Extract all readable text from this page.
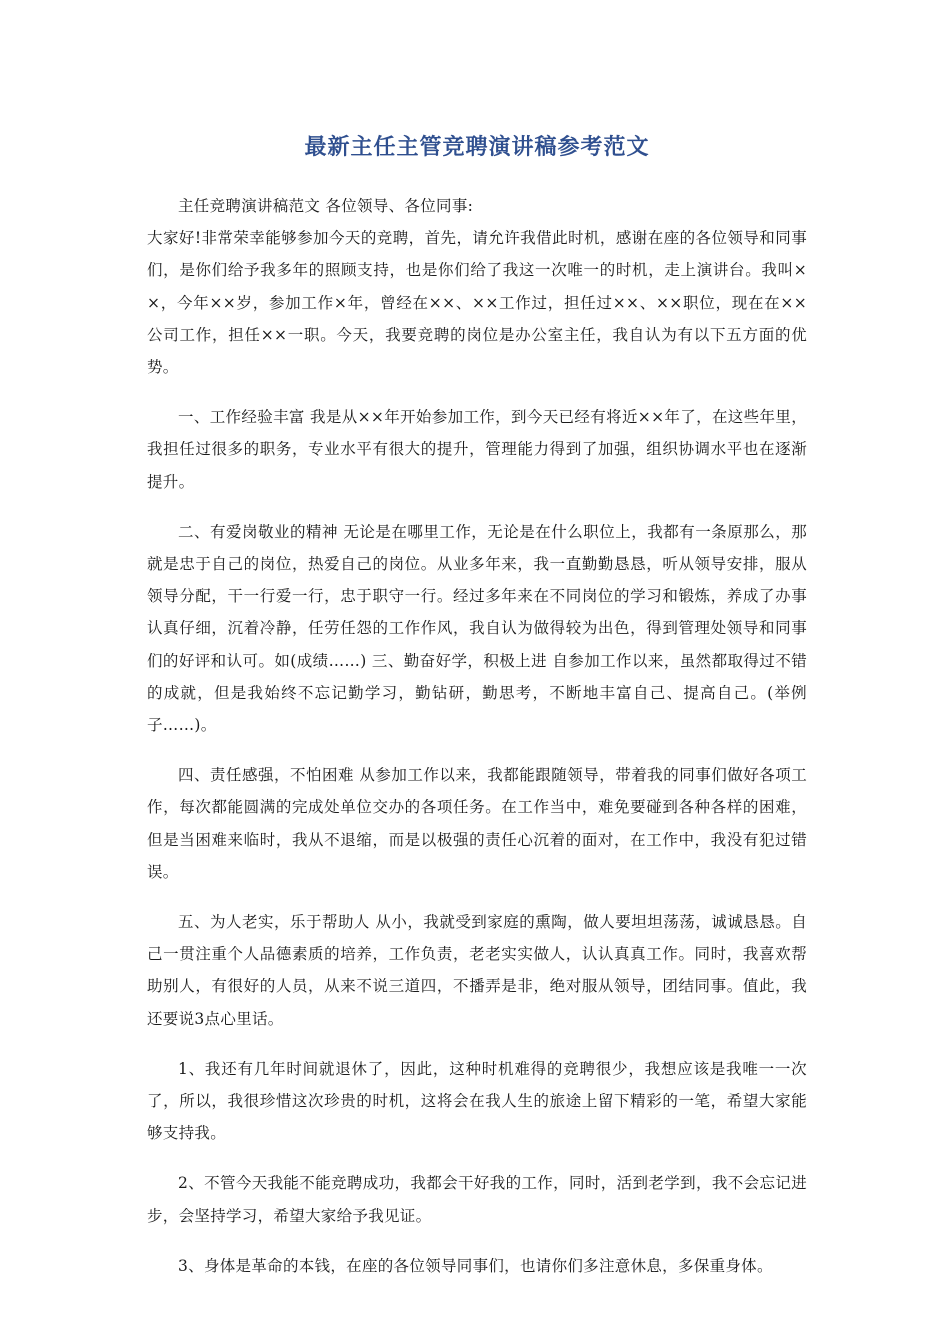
最新主任主管竞聘演讲稿参考范文
主任竞聘演讲稿范文 各位领导、各位同事:
大家好!非常荣幸能够参加今天的竞聘，首先，请允许我借此时机，感谢在座的各位领导和同事们，是你们给予我多年的照顾支持，也是你们给了我这一次唯一的时机，走上演讲台。我叫××，今年××岁，参加工作×年，曾经在××、××工作过，担任过××、××职位，现在在××公司工作，担任××一职。今天，我要竞聘的岗位是办公室主任，我自认为有以下五方面的优势。

一、工作经验丰富 我是从××年开始参加工作，到今天已经有将近××年了，在这些年里，我担任过很多的职务，专业水平有很大的提升，管理能力得到了加强，组织协调水平也在逐渐提升。

二、有爱岗敬业的精神 无论是在哪里工作，无论是在什么职位上，我都有一条原那么，那就是忠于自己的岗位，热爱自己的岗位。从业多年来，我一直勤勤恳恳，听从领导安排，服从领导分配，干一行爱一行，忠于职守一行。经过多年来在不同岗位的学习和锻炼，养成了办事认真仔细，沉着冷静，任劳任怨的工作作风，我自认为做得较为出色，得到管理处领导和同事们的好评和认可。如(成绩……) 三、勤奋好学，积极上进 自参加工作以来，虽然都取得过不错的成就，但是我始终不忘记勤学习，勤钻研，勤思考，不断地丰富自己、提高自己。(举例子……)。

四、责任感强，不怕困难 从参加工作以来，我都能跟随领导，带着我的同事们做好各项工作，每次都能圆满的完成处单位交办的各项任务。在工作当中，难免要碰到各种各样的困难，但是当困难来临时，我从不退缩，而是以极强的责任心沉着的面对，在工作中，我没有犯过错误。

五、为人老实，乐于帮助人 从小，我就受到家庭的熏陶，做人要坦坦荡荡，诚诚恳恳。自己一贯注重个人品德素质的培养，工作负责，老老实实做人，认认真真工作。同时，我喜欢帮助别人，有很好的人员，从来不说三道四，不播弄是非，绝对服从领导，团结同事。值此，我还要说3点心里话。

1、我还有几年时间就退休了，因此，这种时机难得的竞聘很少，我想应该是我唯一一次了，所以，我很珍惜这次珍贵的时机，这将会在我人生的旅途上留下精彩的一笔，希望大家能够支持我。

2、不管今天我能不能竞聘成功，我都会干好我的工作，同时，活到老学到，我不会忘记进步，会坚持学习，希望大家给予我见证。

3、身体是革命的本钱，在座的各位领导同事们，也请你们多注意休息，多保重身体。
